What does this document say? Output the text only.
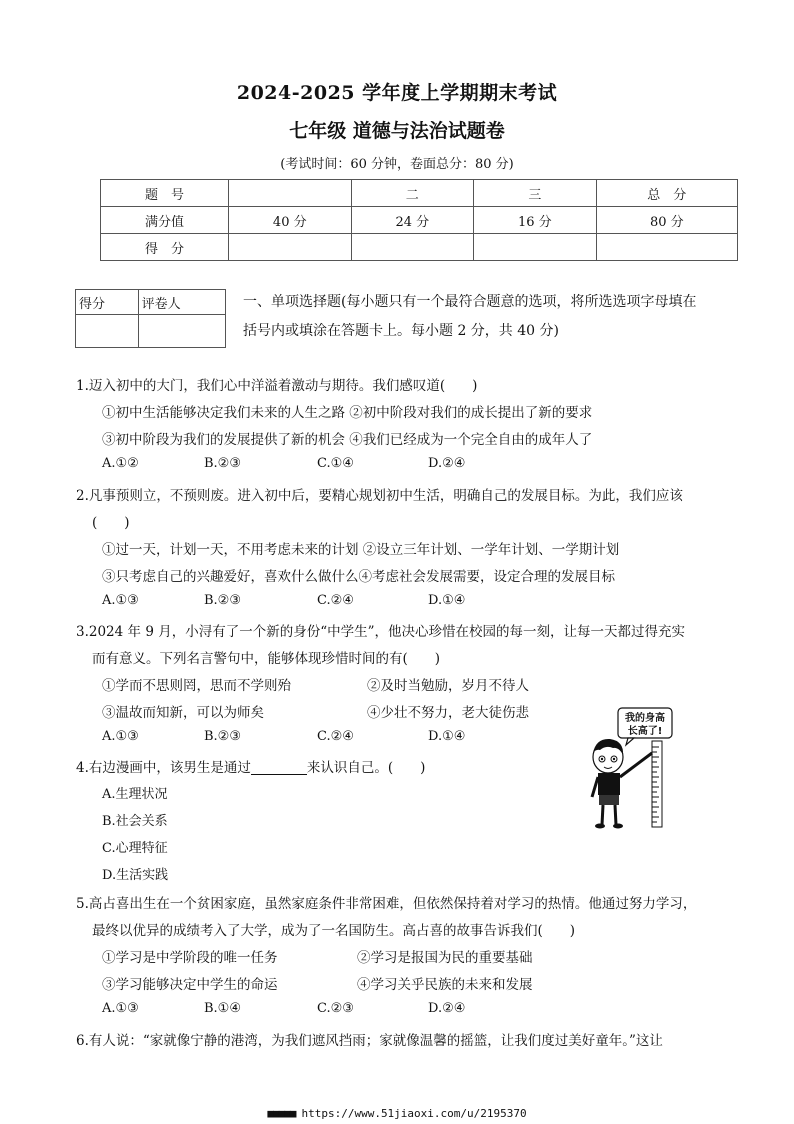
2024-2025 学年度上学期期末考试
七年级 道德与法治试题卷
(考试时间：60 分钟，卷面总分：80 分)
题　号		二	三	总　分
满分值	40 分	24 分	16 分	80 分
得　分				
得分	评卷人
		一、单项选择题(每小题只有一个最符合题意的选项，将所选选项字母填在
括号内或填涂在答题卡上。每小题 2 分，共 40 分)
1.迈入初中的大门，我们心中洋溢着激动与期待。我们感叹道(　　)
①初中生活能够决定我们未来的人生之路 ②初中阶段对我们的成长提出了新的要求
③初中阶段为我们的发展提供了新的机会 ④我们已经成为一个完全自由的成年人了
A.①②	B.②③	C.①④	D.②④
2.凡事预则立，不预则废。进入初中后，要精心规划初中生活，明确自己的发展目标。为此，我们应该
(　　)
①过一天，计划一天，不用考虑未来的计划 ②设立三年计划、一学年计划、一学期计划
③只考虑自己的兴趣爱好，喜欢什么做什么④考虑社会发展需要，设定合理的发展目标
A.①③	B.②③	C.②④	D.①④
3.2024 年 9 月，小浔有了一个新的身份“中学生”，他决心珍惜在校园的每一刻，让每一天都过得充实
而有意义。下列名言警句中，能够体现珍惜时间的有(　　)
①学而不思则罔，思而不学则殆	②及时当勉励，岁月不待人
③温故而知新，可以为师矣	④少壮不努力，老大徒伤悲
A.①③	B.②③	C.②④	D.①④
4.右边漫画中，该男生是通过	来认识自己。(　　)
A.生理状况
B.社会关系
C.心理特征
D.生活实践
我的身高
长高了!
5.高占喜出生在一个贫困家庭，虽然家庭条件非常困难，但依然保持着对学习的热情。他通过努力学习，
最终以优异的成绩考入了大学，成为了一名国防生。高占喜的故事告诉我们(　　)
①学习是中学阶段的唯一任务	②学习是报国为民的重要基础
③学习能够决定中学生的命运	④学习关乎民族的未来和发展
A.①③	B.①④	C.②③	D.②④
6.有人说：“家就像宁静的港湾，为我们遮风挡雨；家就像温馨的摇篮，让我们度过美好童年。”这让
■■■■■ https://www.51jiaoxi.com/u/2195370
